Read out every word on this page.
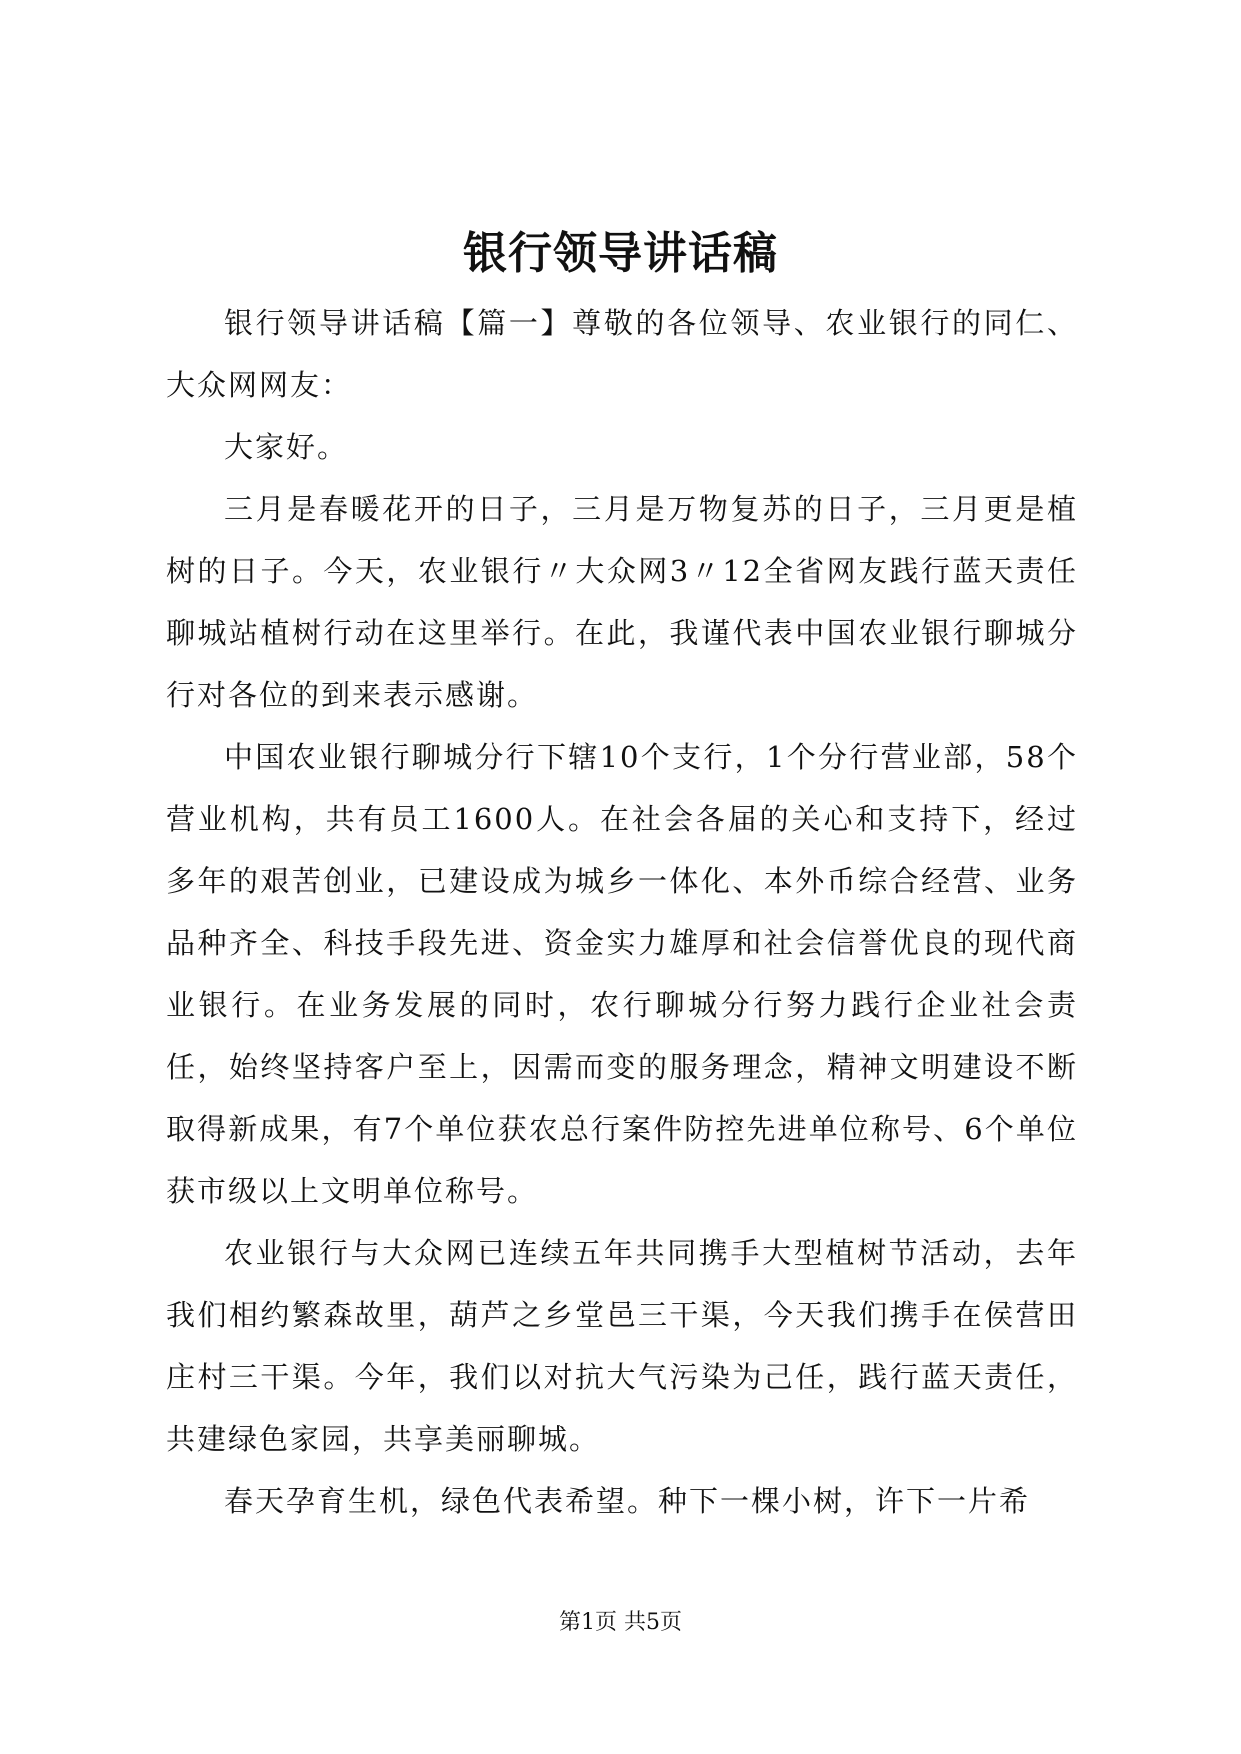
银行领导讲话稿

银行领导讲话稿【篇一】尊敬的各位领导、农业银行的同仁、大众网网友：

大家好。

三月是春暖花开的日子，三月是万物复苏的日子，三月更是植树的日子。今天，农业银行〃大众网3〃12全省网友践行蓝天责任聊城站植树行动在这里举行。在此，我谨代表中国农业银行聊城分行对各位的到来表示感谢。

中国农业银行聊城分行下辖10个支行，1个分行营业部，58个营业机构，共有员工1600人。在社会各届的关心和支持下，经过多年的艰苦创业，已建设成为城乡一体化、本外币综合经营、业务品种齐全、科技手段先进、资金实力雄厚和社会信誉优良的现代商业银行。在业务发展的同时，农行聊城分行努力践行企业社会责任，始终坚持客户至上，因需而变的服务理念，精神文明建设不断取得新成果，有7个单位获农总行案件防控先进单位称号、6个单位获市级以上文明单位称号。

农业银行与大众网已连续五年共同携手大型植树节活动，去年我们相约繁森故里，葫芦之乡堂邑三干渠，今天我们携手在侯营田庄村三干渠。今年，我们以对抗大气污染为己任，践行蓝天责任，共建绿色家园，共享美丽聊城。

春天孕育生机，绿色代表希望。种下一棵小树，许下一片希

第1页 共5页
